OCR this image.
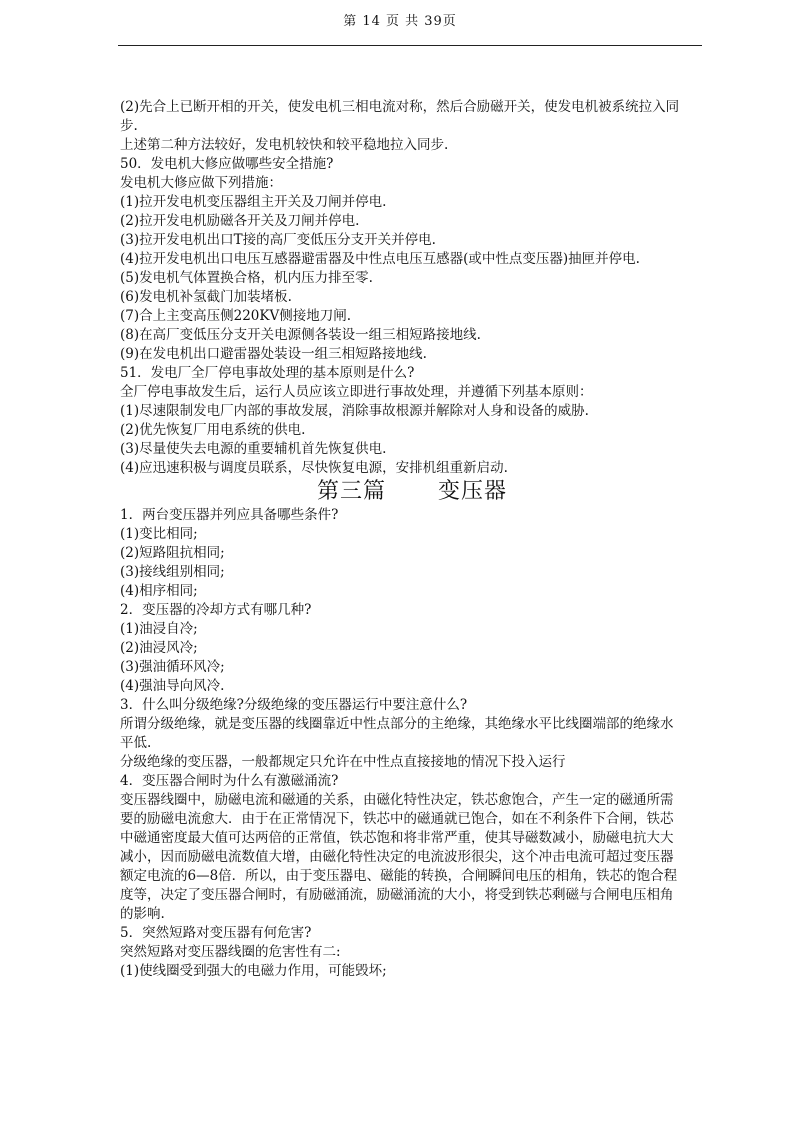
第 14 页 共 39页
(2)先合上已断开相的开关，使发电机三相电流对称，然后合励磁开关，使发电机被系统拉入同
步.
上述第二种方法较好，发电机较快和较平稳地拉入同步.
50．发电机大修应做哪些安全措施?
发电机大修应做下列措施：
(1)拉开发电机变压器组主开关及刀闸并停电.
(2)拉开发电机励磁各开关及刀闸并停电.
(3)拉开发电机出口T接的高厂变低压分支开关并停电.
(4)拉开发电机出口电压互感器避雷器及中性点电压互感器(或中性点变压器)抽匣并停电.
(5)发电机气体置换合格，机内压力排至零.
(6)发电机补氢截门加装堵板.
(7)合上主变高压侧220KV侧接地刀闸.
(8)在高厂变低压分支开关电源侧各装设一组三相短路接地线.
(9)在发电机出口避雷器处装设一组三相短路接地线.
51．发电厂全厂停电事故处理的基本原则是什么?
全厂停电事故发生后，运行人员应该立即进行事故处理，并遵循下列基本原则：
(1)尽速限制发电厂内部的事故发展，消除事故根源并解除对人身和设备的威胁.
(2)优先恢复厂用电系统的供电.
(3)尽量使失去电源的重要辅机首先恢复供电.
(4)应迅速积极与调度员联系，尽快恢复电源，安排机组重新启动.
第三篇 变压器
1．两台变压器并列应具备哪些条件?
(1)变比相同;
(2)短路阻抗相同;
(3)接线组别相同;
(4)相序相同;
2．变压器的冷却方式有哪几种?
(1)油浸自冷;
(2)油浸风冷;
(3)强油循环风冷;
(4)强油导向风冷.
3．什么叫分级绝缘?分级绝缘的变压器运行中要注意什么?
所谓分级绝缘，就是变压器的线圈靠近中性点部分的主绝缘，其绝缘水平比线圈端部的绝缘水
平低.
分级绝缘的变压器，一般都规定只允许在中性点直接接地的情况下投入运行
4．变压器合闸时为什么有激磁涌流?
变压器线圈中，励磁电流和磁通的关系，由磁化特性决定，铁芯愈饱合，产生一定的磁通所需
要的励磁电流愈大．由于在正常情况下，铁芯中的磁通就已饱合，如在不利条件下合闸，铁芯
中磁通密度最大值可达两倍的正常值，铁芯饱和将非常严重，使其导磁数减小，励磁电抗大大
减小，因而励磁电流数值大增，由磁化特性决定的电流波形很尖，这个冲击电流可超过变压器
额定电流的6—8倍．所以，由于变压器电、磁能的转换，合闸瞬间电压的相角，铁芯的饱合程
度等，决定了变压器合闸时，有励磁涌流，励磁涌流的大小，将受到铁芯剩磁与合闸电压相角
的影响.
5．突然短路对变压器有何危害?
突然短路对变压器线圈的危害性有二:
(1)使线圈受到强大的电磁力作用，可能毁坏;
